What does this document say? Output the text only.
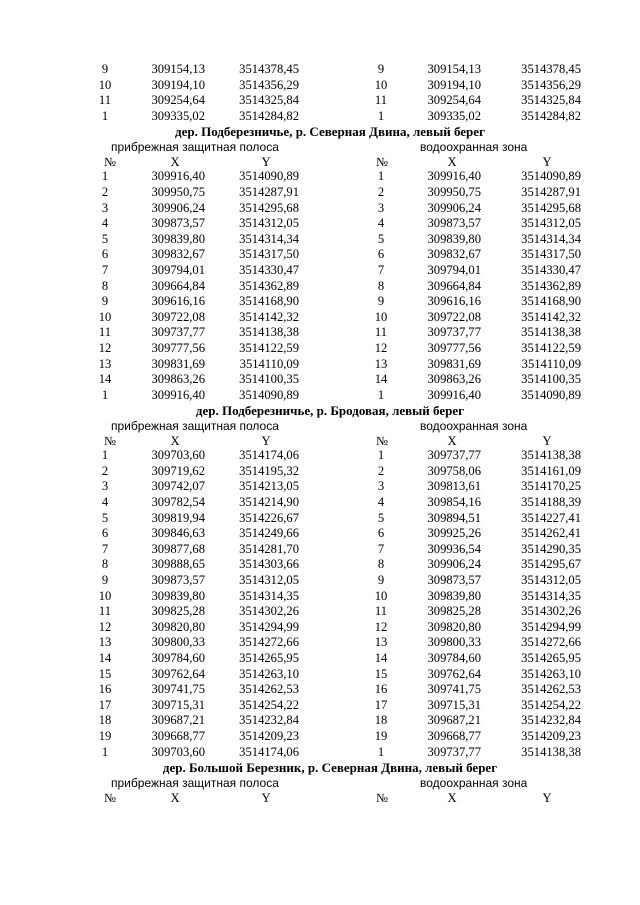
9	309154,13	3514378,45	9	309154,13	3514378,45
10	309194,10	3514356,29	10	309194,10	3514356,29
11	309254,64	3514325,84	11	309254,64	3514325,84
1	309335,02	3514284,82	1	309335,02	3514284,82
дер. Подберезничье, р. Северная Двина, левый берег
прибрежная защитная полоса	водоохранная зона
№	X	Y	№	X	Y
1	309916,40	3514090,89	1	309916,40	3514090,89
2	309950,75	3514287,91	2	309950,75	3514287,91
3	309906,24	3514295,68	3	309906,24	3514295,68
4	309873,57	3514312,05	4	309873,57	3514312,05
5	309839,80	3514314,34	5	309839,80	3514314,34
6	309832,67	3514317,50	6	309832,67	3514317,50
7	309794,01	3514330,47	7	309794,01	3514330,47
8	309664,84	3514362,89	8	309664,84	3514362,89
9	309616,16	3514168,90	9	309616,16	3514168,90
10	309722,08	3514142,32	10	309722,08	3514142,32
11	309737,77	3514138,38	11	309737,77	3514138,38
12	309777,56	3514122,59	12	309777,56	3514122,59
13	309831,69	3514110,09	13	309831,69	3514110,09
14	309863,26	3514100,35	14	309863,26	3514100,35
1	309916,40	3514090,89	1	309916,40	3514090,89
дер. Подберезничье, р. Бродовая, левый берег
прибрежная защитная полоса	водоохранная зона
№	X	Y	№	X	Y
1	309703,60	3514174,06	1	309737,77	3514138,38
2	309719,62	3514195,32	2	309758,06	3514161,09
3	309742,07	3514213,05	3	309813,61	3514170,25
4	309782,54	3514214,90	4	309854,16	3514188,39
5	309819,94	3514226,67	5	309894,51	3514227,41
6	309846,63	3514249,66	6	309925,26	3514262,41
7	309877,68	3514281,70	7	309936,54	3514290,35
8	309888,65	3514303,66	8	309906,24	3514295,67
9	309873,57	3514312,05	9	309873,57	3514312,05
10	309839,80	3514314,35	10	309839,80	3514314,35
11	309825,28	3514302,26	11	309825,28	3514302,26
12	309820,80	3514294,99	12	309820,80	3514294,99
13	309800,33	3514272,66	13	309800,33	3514272,66
14	309784,60	3514265,95	14	309784,60	3514265,95
15	309762,64	3514263,10	15	309762,64	3514263,10
16	309741,75	3514262,53	16	309741,75	3514262,53
17	309715,31	3514254,22	17	309715,31	3514254,22
18	309687,21	3514232,84	18	309687,21	3514232,84
19	309668,77	3514209,23	19	309668,77	3514209,23
1	309703,60	3514174,06	1	309737,77	3514138,38
дер. Большой Березник, р. Северная Двина, левый берег
прибрежная защитная полоса	водоохранная зона
№	X	Y	№	X	Y
